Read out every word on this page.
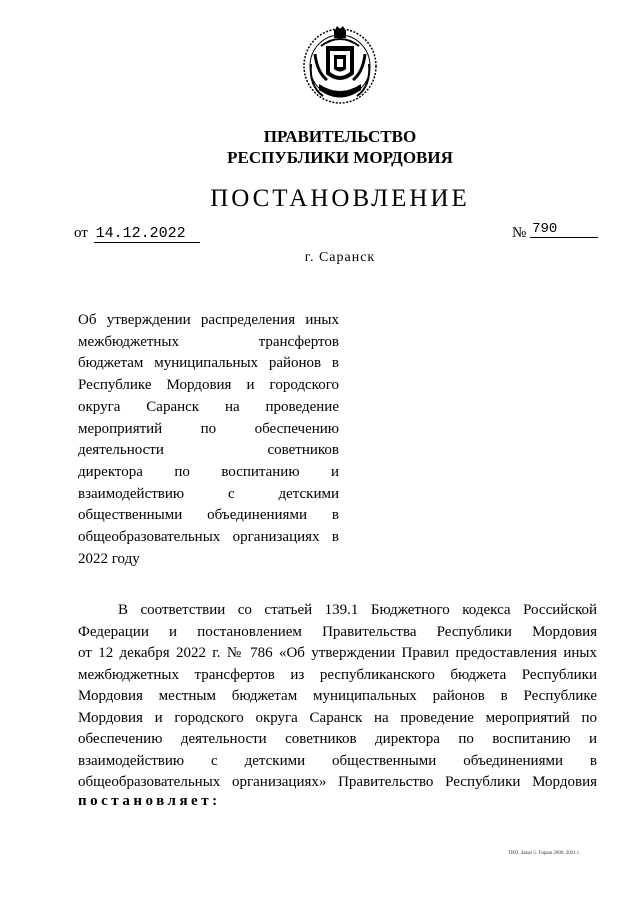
ПРАВИТЕЛЬСТВО
РЕСПУБЛИКИ МОРДОВИЯ
ПОСТАНОВЛЕНИЕ
от 14.12.2022	№ 790
г. Саранск
Об утверждении распределения иных
межбюджетных трансфертов
бюджетам муниципальных районов в
Республике Мордовия и городского
округа Саранск на проведение
мероприятий по обеспечению
деятельности советников
директора по воспитанию и
взаимодействию с детскими
общественными объединениями в
общеобразовательных организациях в
2022 году
В соответствии со статьей 139.1 Бюджетного кодекса Российской
Федерации и постановлением Правительства Республики Мордовия
от 12 декабря 2022 г. № 786 «Об утверждении Правил предоставления иных
межбюджетных трансфертов из республиканского бюджета Республики
Мордовия местным бюджетам муниципальных районов в Республике
Мордовия и городского округа Саранск на проведение мероприятий по
обеспечению деятельности советников директора по воспитанию и
взаимодействию с детскими общественными объединениями в
общеобразовательных организациях» Правительство Республики Мордовия
постановляет:
ТИО. Заказ 5. Тираж 2000. 2021 г.
